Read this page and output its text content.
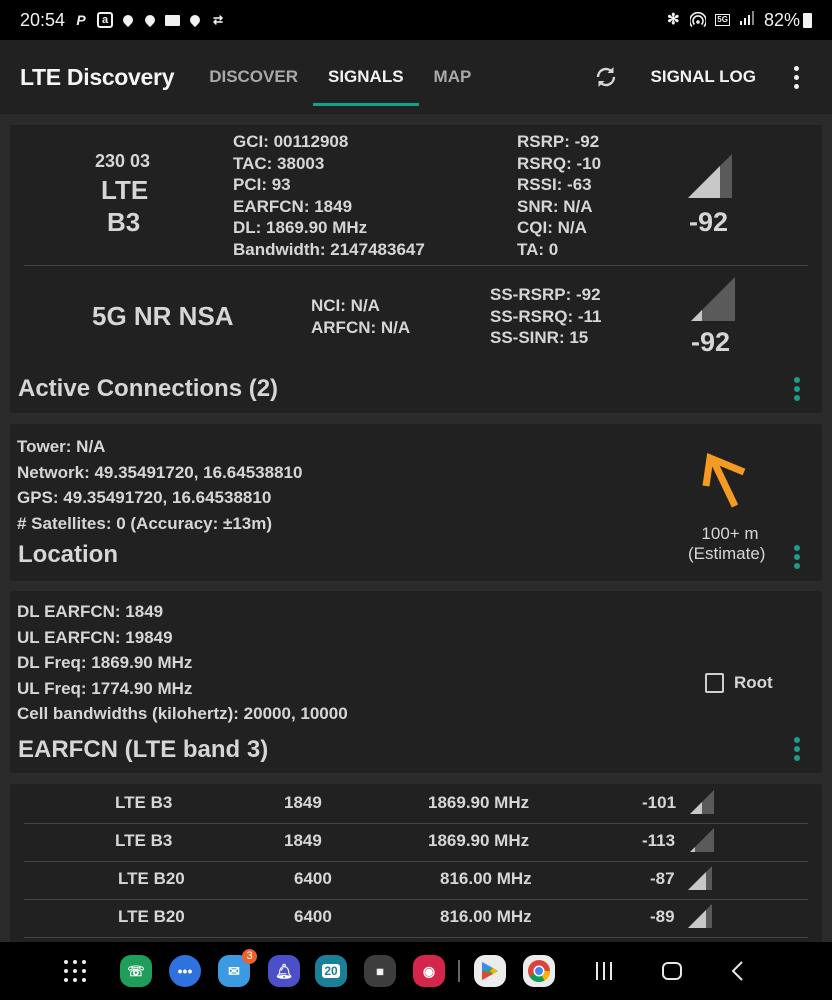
20:54 P	a	⇄	✻	5G 82%
LTE Discovery	DISCOVER	SIGNALS	MAP	SIGNAL LOG
230 03
LTE
B3
GCI: 00112908
TAC: 38003
PCI: 93
EARFCN: 1849
DL: 1869.90 MHz
Bandwidth: 2147483647
RSRP: -92
RSRQ: -10
RSSI: -63
SNR: N/A
CQI: N/A
TA: 0
-92
5G NR NSA	NCI: N/A
ARFCN: N/A
SS-RSRP: -92
SS-RSRQ: -11
SS-SINR: 15	-92
Active Connections (2)
Tower: N/A
Network: 49.35491720, 16.64538810
GPS: 49.35491720, 16.64538810
# Satellites: 0 (Accuracy: ±13m)
100+ m
(Estimate)
Location
DL EARFCN: 1849
UL EARFCN: 19849
DL Freq: 1869.90 MHz
UL Freq: 1774.90 MHz
Cell bandwidths (kilohertz): 20000, 10000
Root
EARFCN (LTE band 3)
LTE B3	1849	1869.90 MHz	-101
LTE B3	1849	1869.90 MHz	-113
LTE B20	6400	816.00 MHz	-87
LTE B20	6400	816.00 MHz	-89
☏	•••	✉
3
🔔︎	20	▦	◉
